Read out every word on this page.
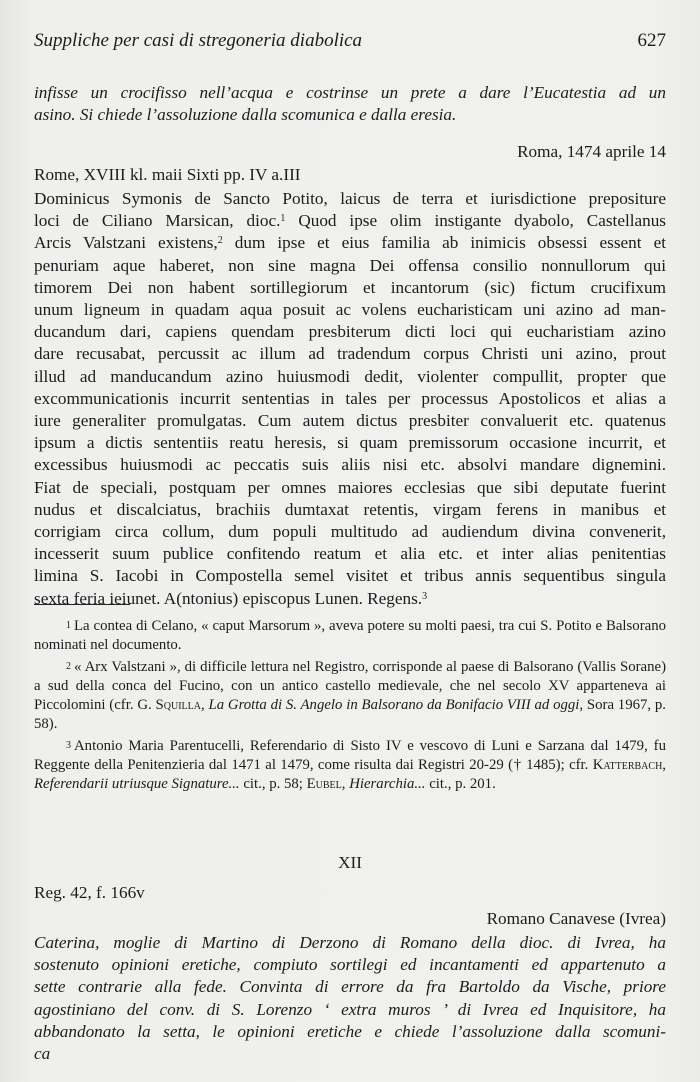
Suppliche per casi di stregoneria diabolica	627
infisse un crocifisso nell’acqua e costrinse un prete a dare l’Eucatestia ad un
asino. Si chiede l’assoluzione dalla scomunica e dalla eresia.
Roma, 1474 aprile 14
Rome, XVIII kl. maii Sixti pp. IV a.III
Dominicus Symonis de Sancto Potito, laicus de terra et iurisdictione prepositure
loci de Ciliano Marsican, dioc.$^1$ Quod ipse olim instigante dyabolo, Castellanus
Arcis Valstzani existens,$^2$ dum ipse et eius familia ab inimicis obsessi essent et
penuriam aque haberet, non sine magna Dei offensa consilio nonnullorum qui
timorem Dei non habent sortillegiorum et incantorum (sic) fictum crucifixum
unum ligneum in quadam aqua posuit ac volens eucharisticam uni azino ad man-
ducandum dari, capiens quendam presbiterum dicti loci qui eucharistiam azino
dare recusabat, percussit ac illum ad tradendum corpus Christi uni azino, prout
illud ad manducandum azino huiusmodi dedit, violenter compullit, propter que
excommunicationis incurrit sententias in tales per processus Apostolicos et alias a
iure generaliter promulgatas. Cum autem dictus presbiter convaluerit etc. quatenus
ipsum a dictis sententiis reatu heresis, si quam premissorum occasione incurrit, et
excessibus huiusmodi ac peccatis suis aliis nisi etc. absolvi mandare dignemini.
Fiat de speciali, postquam per omnes maiores ecclesias que sibi deputate fuerint
nudus et discalciatus, brachiis dumtaxat retentis, virgam ferens in manibus et
corrigiam circa collum, dum populi multitudo ad audiendum divina convenerit,
incesserit suum publice confitendo reatum et alia etc. et inter alias penitentias
limina S. Iacobi in Compostella semel visitet et tribus annis sequentibus singula
sexta feria ieiunet. A(ntonius) episcopus Lunen. Regens.$^3$

$^1$ La contea di Celano, « caput Marsorum », aveva potere su molti paesi, tra cui S. Potito e Balsorano nominati nel documento.

$^2$ « Arx Valstzani », di difficile lettura nel Registro, corrisponde al paese di Balsorano (Vallis Sorane) a sud della conca del Fucino, con un antico castello medievale, che nel secolo XV apparteneva ai Piccolomini (cfr. G. Squilla, La Grotta di S. Angelo in Balsorano da Bonifacio VIII ad oggi, Sora 1967, p. 58).

$^3$ Antonio Maria Parentucelli, Referendario di Sisto IV e vescovo di Luni e Sarzana dal 1479, fu Reggente della Penitenzieria dal 1471 al 1479, come risulta dai Registri 20-29 († 1485); cfr. Katterbach, Referendarii utriusque Signature... cit., p. 58; Eubel, Hierarchia... cit., p. 201.

XII
Reg. 42, f. 166v
Romano Canavese (Ivrea)
Caterina, moglie di Martino di Derzono di Romano della dioc. di Ivrea, ha
sostenuto opinioni eretiche, compiuto sortilegi ed incantamenti ed appartenuto a
sette contrarie alla fede. Convinta di errore da fra Bartoldo da Vische, priore
agostiniano del conv. di S. Lorenzo ‘ extra muros ’ di Ivrea ed Inquisitore, ha
abbandonato la setta, le opinioni eretiche e chiede l’assoluzione dalla scomuni-
ca
